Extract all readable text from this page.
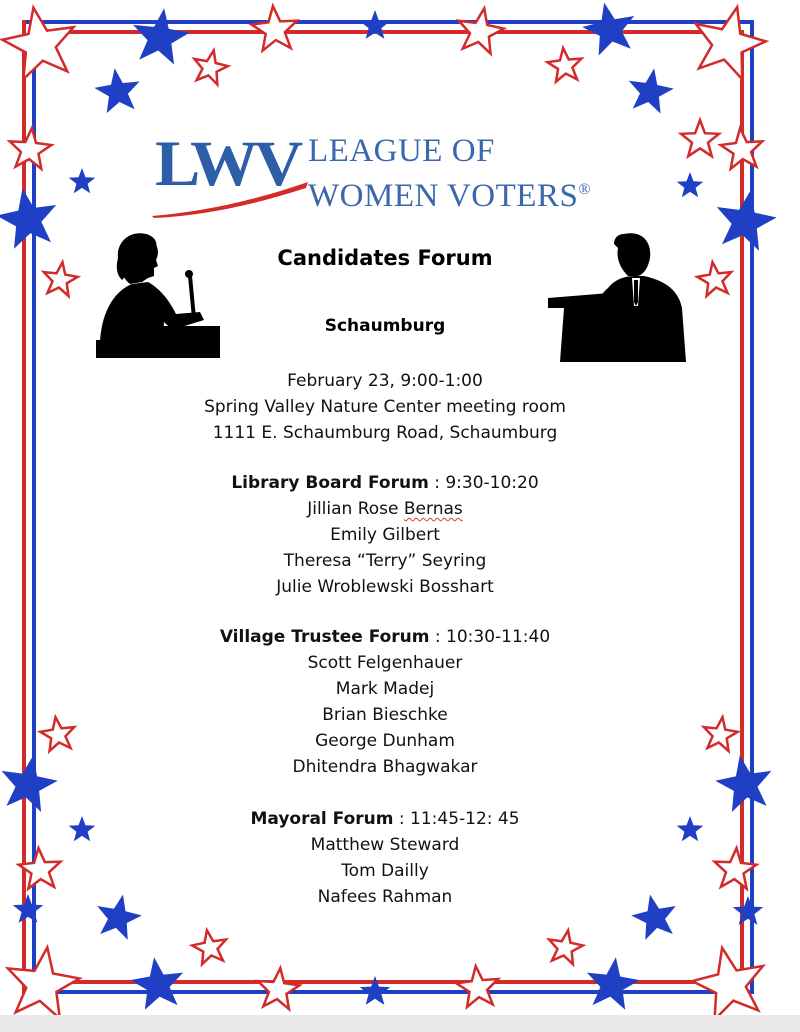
LWV LEAGUE OF
WOMEN VOTERS®
Candidates Forum
Schaumburg
February 23, 9:00-1:00
Spring Valley Nature Center meeting room
1111 E. Schaumburg Road, Schaumburg
Library Board Forum : 9:30-10:20
Jillian Rose Bernas
Emily Gilbert
Theresa “Terry” Seyring
Julie Wroblewski Bosshart
Village Trustee Forum : 10:30-11:40
Scott Felgenhauer
Mark Madej
Brian Bieschke
George Dunham
Dhitendra Bhagwakar
Mayoral Forum : 11:45-12: 45
Matthew Steward
Tom Dailly
Nafees Rahman
